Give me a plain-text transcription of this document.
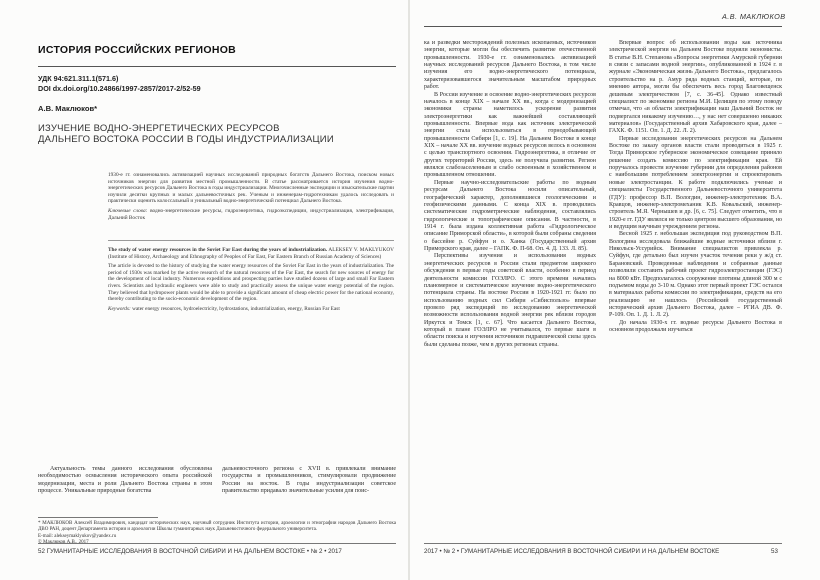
ИСТОРИЯ РОССИЙСКИХ РЕГИОНОВ
УДК 94:621.311.1(571.6)
DOI dx.doi.org/10.24866/1997-2857/2017-2/52-59
А.В. Маклюков*
ИЗУЧЕНИЕ ВОДНО-ЭНЕРГЕТИЧЕСКИХ РЕСУРСОВ
ДАЛЬНЕГО ВОСТОКА РОССИИ В ГОДЫ ИНДУСТРИАЛИЗАЦИИ

1930-е гг. ознаменовались активизацией научных исследований природных богатств Дальнего Востока, поиском новых источников энергии для развития местной промышленности. В статье рассматривается история изучения водно-энергетических ресурсов Дальнего Востока в годы индустриализации. Многочисленные экспедиции и изыскательские партии изучили десятки крупных и малых дальневосточных рек. Ученым и инженерам-гидротехникам удалось исследовать и практически оценить колоссальный и уникальный водно-энергетический потенциал Дальнего Востока.

Ключевые слова: водно-энергетические ресурсы, гидроэнергетика, гидроэкспедиции, индустриализация, электрификация, Дальний Восток

The study of water energy resources in the Soviet Far East during the years of industrialization. ALEKSEY V. MAKLYUKOV (Institute of History, Archaeology and Ethnography of Peoples of Far East, Far Eastern Branch of Russian Academy of Sciences)

The article is devoted to the history of studying the water energy resources of the Soviet Far East in the years of industrialization. The period of 1930s was marked by the active research of the natural resources of the Far East, the search for new sources of energy for the development of local industry. Numerous expeditions and prospecting parties have studied dozens of large and small Far Eastern rivers. Scientists and hydraulic engineers were able to study and practically assess the unique water energy potential of the region. They believed that hydropower plants would be able to provide a significant amount of cheap electric power for the national economy, thereby contributing to the socio-economic development of the region.

Keywords: water energy resources, hydroelectricity, hydrostations, industrialization, energy, Russian Far East

Актуальность темы данного исследования обусловлена необходимостью осмысления исторического опыта российской модернизации, места и роли Дальнего Востока страны в этом процессе. Уникальные природные богатства

дальневосточного региона с XVII в. привлекали внимание государства и промышленников, стимулировали продвижение России на восток. В годы индустриализации советское правительство придавало значительные усилия для поис-

* МАКЛЮКОВ Алексей Владимирович, кандидат исторических наук, научный сотрудник Института истории, археологии и этнографии народов Дальнего Востока ДВО РАН, доцент Департамента истории и археологии Школы гуманитарных наук Дальневосточного федерального университета.

E-mail: alekseymaklyukov@yandex.ru

52 ГУМАНИТАРНЫЕ ИССЛЕДОВАНИЯ В ВОСТОЧНОЙ СИБИРИ И НА ДАЛЬНЕМ ВОСТОКЕ • № 2 • 2017
А.В. МАКЛЮКОВ

ка и разведки месторождений полезных ископаемых, источников энергии, которые могли бы обеспечить развитие отечественной промышленности. 1930-е гг. ознаменовались активизацией научных исследований ресурсов Дальнего Востока, в том числе изучения его водно-энергетического потенциала, характеризовавшегося значительным масштабом природных работ.

В России изучение и освоение водно-энергетических ресурсов началось в конце XIX – начале XX вв., когда с модернизацией экономики страны наметилось ускорение развития электроэнергетики как важнейшей составляющей промышленности. Впервые вода как источник электрической энергии стала использоваться в горнодобывающей промышленности Сибири [1, с. 19]. На Дальнем Востоке в конце XIX – начале XX вв. изучение водных ресурсов велось в основном с целью транспортного освоения. Гидроэнергетика, в отличие от других территорий России, здесь не получила развития. Регион являлся слабозаселенным и слабо освоенным в хозяйственном и промышленном отношении.

Первые научно-исследовательские работы по водным ресурсам Дальнего Востока носили описательный, географический характер, дополнявшиеся геологическими и геофизическими данными. С конца XIX в. проводились систематические гидрометрические наблюдения, составлялись гидрологические и топографические описания. В частности, в 1914 г. была издана коллективная работа «Гидрологическое описание Приморской области», в которой были собраны сведения о бассейне р. Суйфун и о. Ханка (Государственный архив Приморского края, далее – ГАПК. Ф. П-68. Оп. 4. Д. 133. Л. 85).

Перспективы изучения и использования водных энергетических ресурсов в России стали предметом широкого обсуждения в первые годы советской власти, особенно в период деятельности комиссии ГОЭЛРО. С этого времени начались планомерное и систематическое изучение водно-энергетического потенциала страны. На востоке России в 1920-1921 гг. было по использованию водных сил Сибири «Сибиспользо» впервые провело ряд экспедиций по исследованию энергетической возможности использования водной энергии рек вблизи городов Иркутск и Томск [1, с. 67]. Что касается Дальнего Востока, который в плане ГОЭЛРО не учитывался, то первые шаги в области поиска и изучения источников гидравлической силы здесь были сделаны позже, чем в других регионах страны.

Впервые вопрос об использовании воды как источника электрической энергии на Дальнем Востоке подняли экономисты. В статье В.Н. Степанова «Вопросы энергетики Амурской губернии в связи с запасами водной энергии», опубликованной в 1924 г. в журнале «Экономическая жизнь Дальнего Востока», предлагалось строительство на р. Амур ряда водных станций, которые, по мнению автора, могли бы обеспечить весь город Благовещенск дешевым электричеством [7, с. 36-45]. Однако известный специалист по экономике региона М.И. Целищев по этому поводу отмечал, что «в области электрификации наш Дальний Восток не подвергался никакому изучению…, у нас нет совершенно никаких материалов» (Государственный архив Хабаровского края, далее – ГАХК. Ф. 1151. Оп. 1. Д. 22. Л. 2).

Первые исследования энергетических ресурсов на Дальнем Востоке по заказу органов власти стали проводиться в 1925 г. Тогда Приморское губернское экономическое совещание приняло решение создать комиссию по электрификации края. Ей поручалось провести изучение губернии для определения районов с наибольшим потреблением электроэнергии и спроектировать новые электростанции. К работе подключились ученые и специалисты Государственного Дальневосточного университета (ГДУ): профессор В.П. Вологдин, инженер-электротехник В.А. Кравцов, инженер-электромеханик К.В. Ковальский, инженер-строитель М.Я. Чернышев и др. [6, с. 75]. Следует отметить, что в 1920-е гг. ГДУ являлся не только центром высшего образования, но и ведущим научным учреждением региона.

Весной 1925 г. небольшая экспедиция под руководством В.П. Вологдина исследовала ближайшие водные источники вблизи г. Никольск-Уссурийск. Внимание специалистов привлекла р. Суйфун, где детально был изучен участок течения реки у ж/д ст. Барановский. Проведенные наблюдения и собранные данные позволили составить рабочий проект гидроэлектростанции (ГЭС) на 8000 кВт. Предполагалось сооружение плотины длиной 300 м с подъемом воды до 3-10 м. Однако этот первый проект ГЭС остался в материалах работы комиссии по электрификации, средств на его реализацию не нашлось (Российский государственный исторический архив Дальнего Востока, далее – РГИА ДВ. Ф. Р-109. Оп. 1. Д. 1. Л. 2).

До начала 1930-х гг. водные ресурсы Дальнего Востока в основном продолжали изучаться

2017 • № 2 • ГУМАНИТАРНЫЕ ИССЛЕДОВАНИЯ В ВОСТОЧНОЙ СИБИРИ И НА ДАЛЬНЕМ ВОСТОКЕ	53
